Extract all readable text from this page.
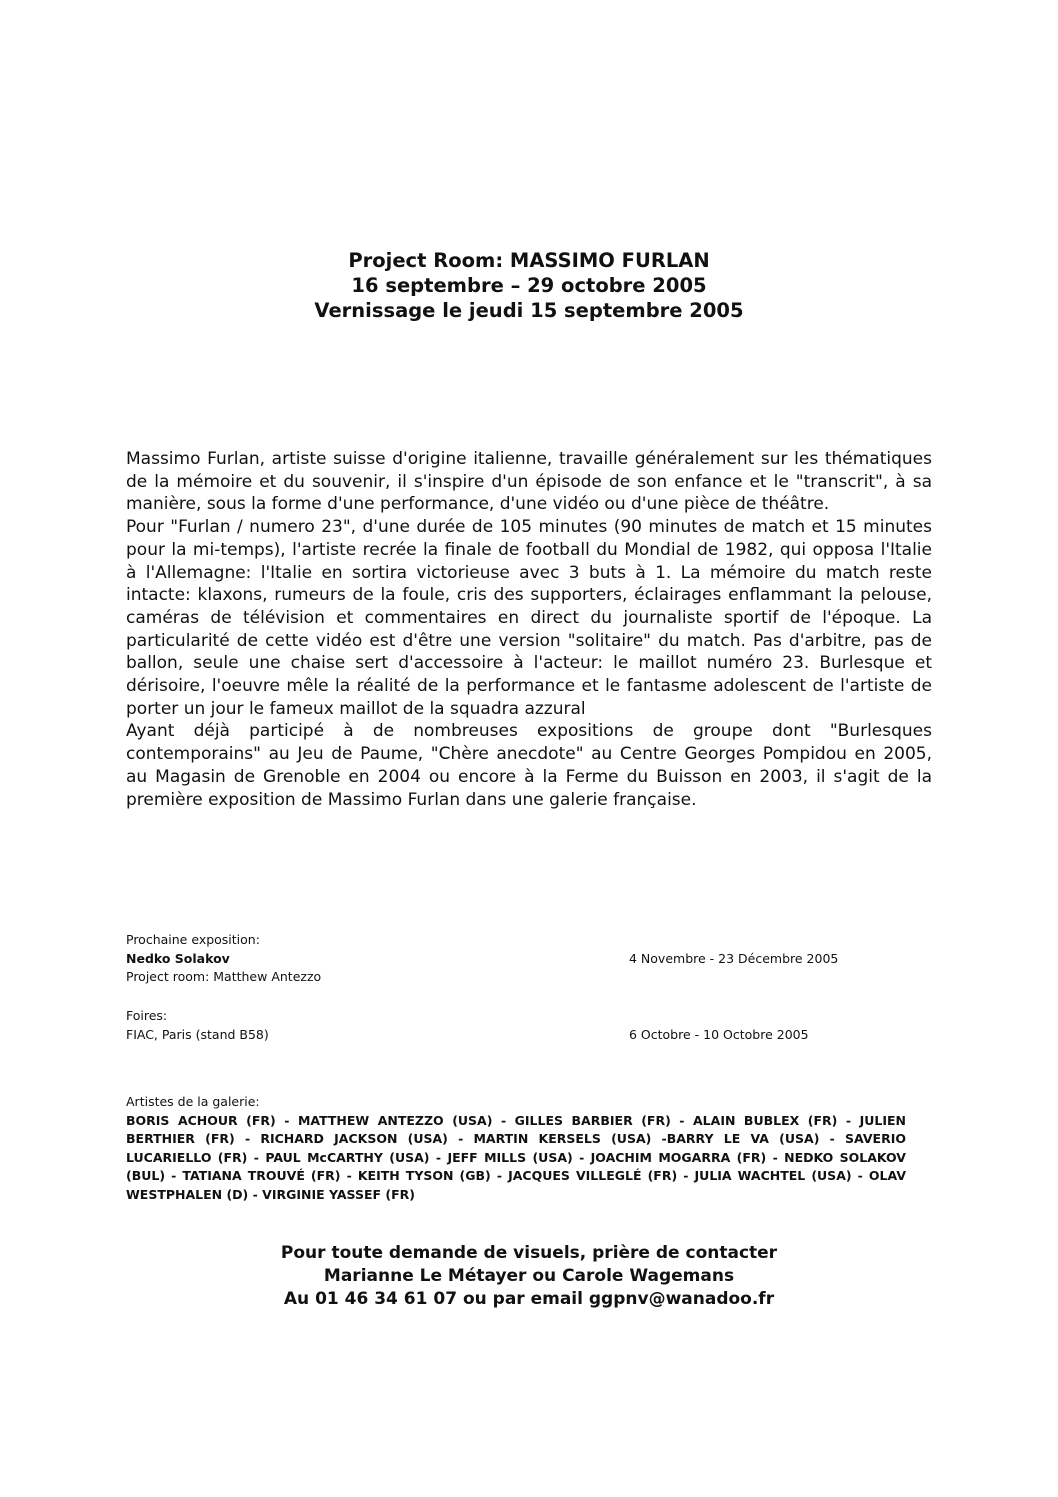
Project Room: MASSIMO FURLAN
16 septembre – 29 octobre 2005
Vernissage le jeudi 15 septembre 2005

Massimo Furlan, artiste suisse d'origine italienne, travaille généralement sur les thématiques de la mémoire et du souvenir, il s'inspire d'un épisode de son enfance et le "transcrit", à sa manière, sous la forme d'une performance, d'une vidéo ou d'une pièce de théâtre.

Pour "Furlan / numero 23", d'une durée de 105 minutes (90 minutes de match et 15 minutes pour la mi-temps), l'artiste recrée la finale de football du Mondial de 1982, qui opposa l'Italie à l'Allemagne: l'Italie en sortira victorieuse avec 3 buts à 1. La mémoire du match reste intacte: klaxons, rumeurs de la foule, cris des supporters, éclairages enflammant la pelouse, caméras de télévision et commentaires en direct du journaliste sportif de l'époque. La particularité de cette vidéo est d'être une version "solitaire" du match. Pas d'arbitre, pas de ballon, seule une chaise sert d'accessoire à l'acteur: le maillot numéro 23. Burlesque et dérisoire, l'oeuvre mêle la réalité de la performance et le fantasme adolescent de l'artiste de porter un jour le fameux maillot de la squadra azzural

Ayant déjà participé à de nombreuses expositions de groupe dont "Burlesques contemporains" au Jeu de Paume, "Chère anecdote" au Centre Georges Pompidou en 2005, au Magasin de Grenoble en 2004 ou encore à la Ferme du Buisson en 2003, il s'agit de la première exposition de Massimo Furlan dans une galerie française.

Prochaine exposition:
Nedko Solakov	4 Novembre - 23 Décembre 2005
Project room: Matthew Antezzo
Foires:
FIAC, Paris (stand B58)	6 Octobre - 10 Octobre 2005
Artistes de la galerie:
BORIS ACHOUR (FR) - MATTHEW ANTEZZO (USA) - GILLES BARBIER (FR) - ALAIN BUBLEX (FR) - JULIEN BERTHIER (FR) - RICHARD JACKSON (USA) - MARTIN KERSELS (USA) -BARRY LE VA (USA) - SAVERIO LUCARIELLO (FR) - PAUL McCARTHY (USA) - JEFF MILLS (USA) - JOACHIM MOGARRA (FR) - NEDKO SOLAKOV (BUL) - TATIANA TROUVÉ (FR) - KEITH TYSON (GB) - JACQUES VILLEGLÉ (FR) - JULIA WACHTEL (USA) - OLAV WESTPHALEN (D) - VIRGINIE YASSEF (FR)
Pour toute demande de visuels, prière de contacter
Marianne Le Métayer ou Carole Wagemans
Au 01 46 34 61 07 ou par email ggpnv@wanadoo.fr
